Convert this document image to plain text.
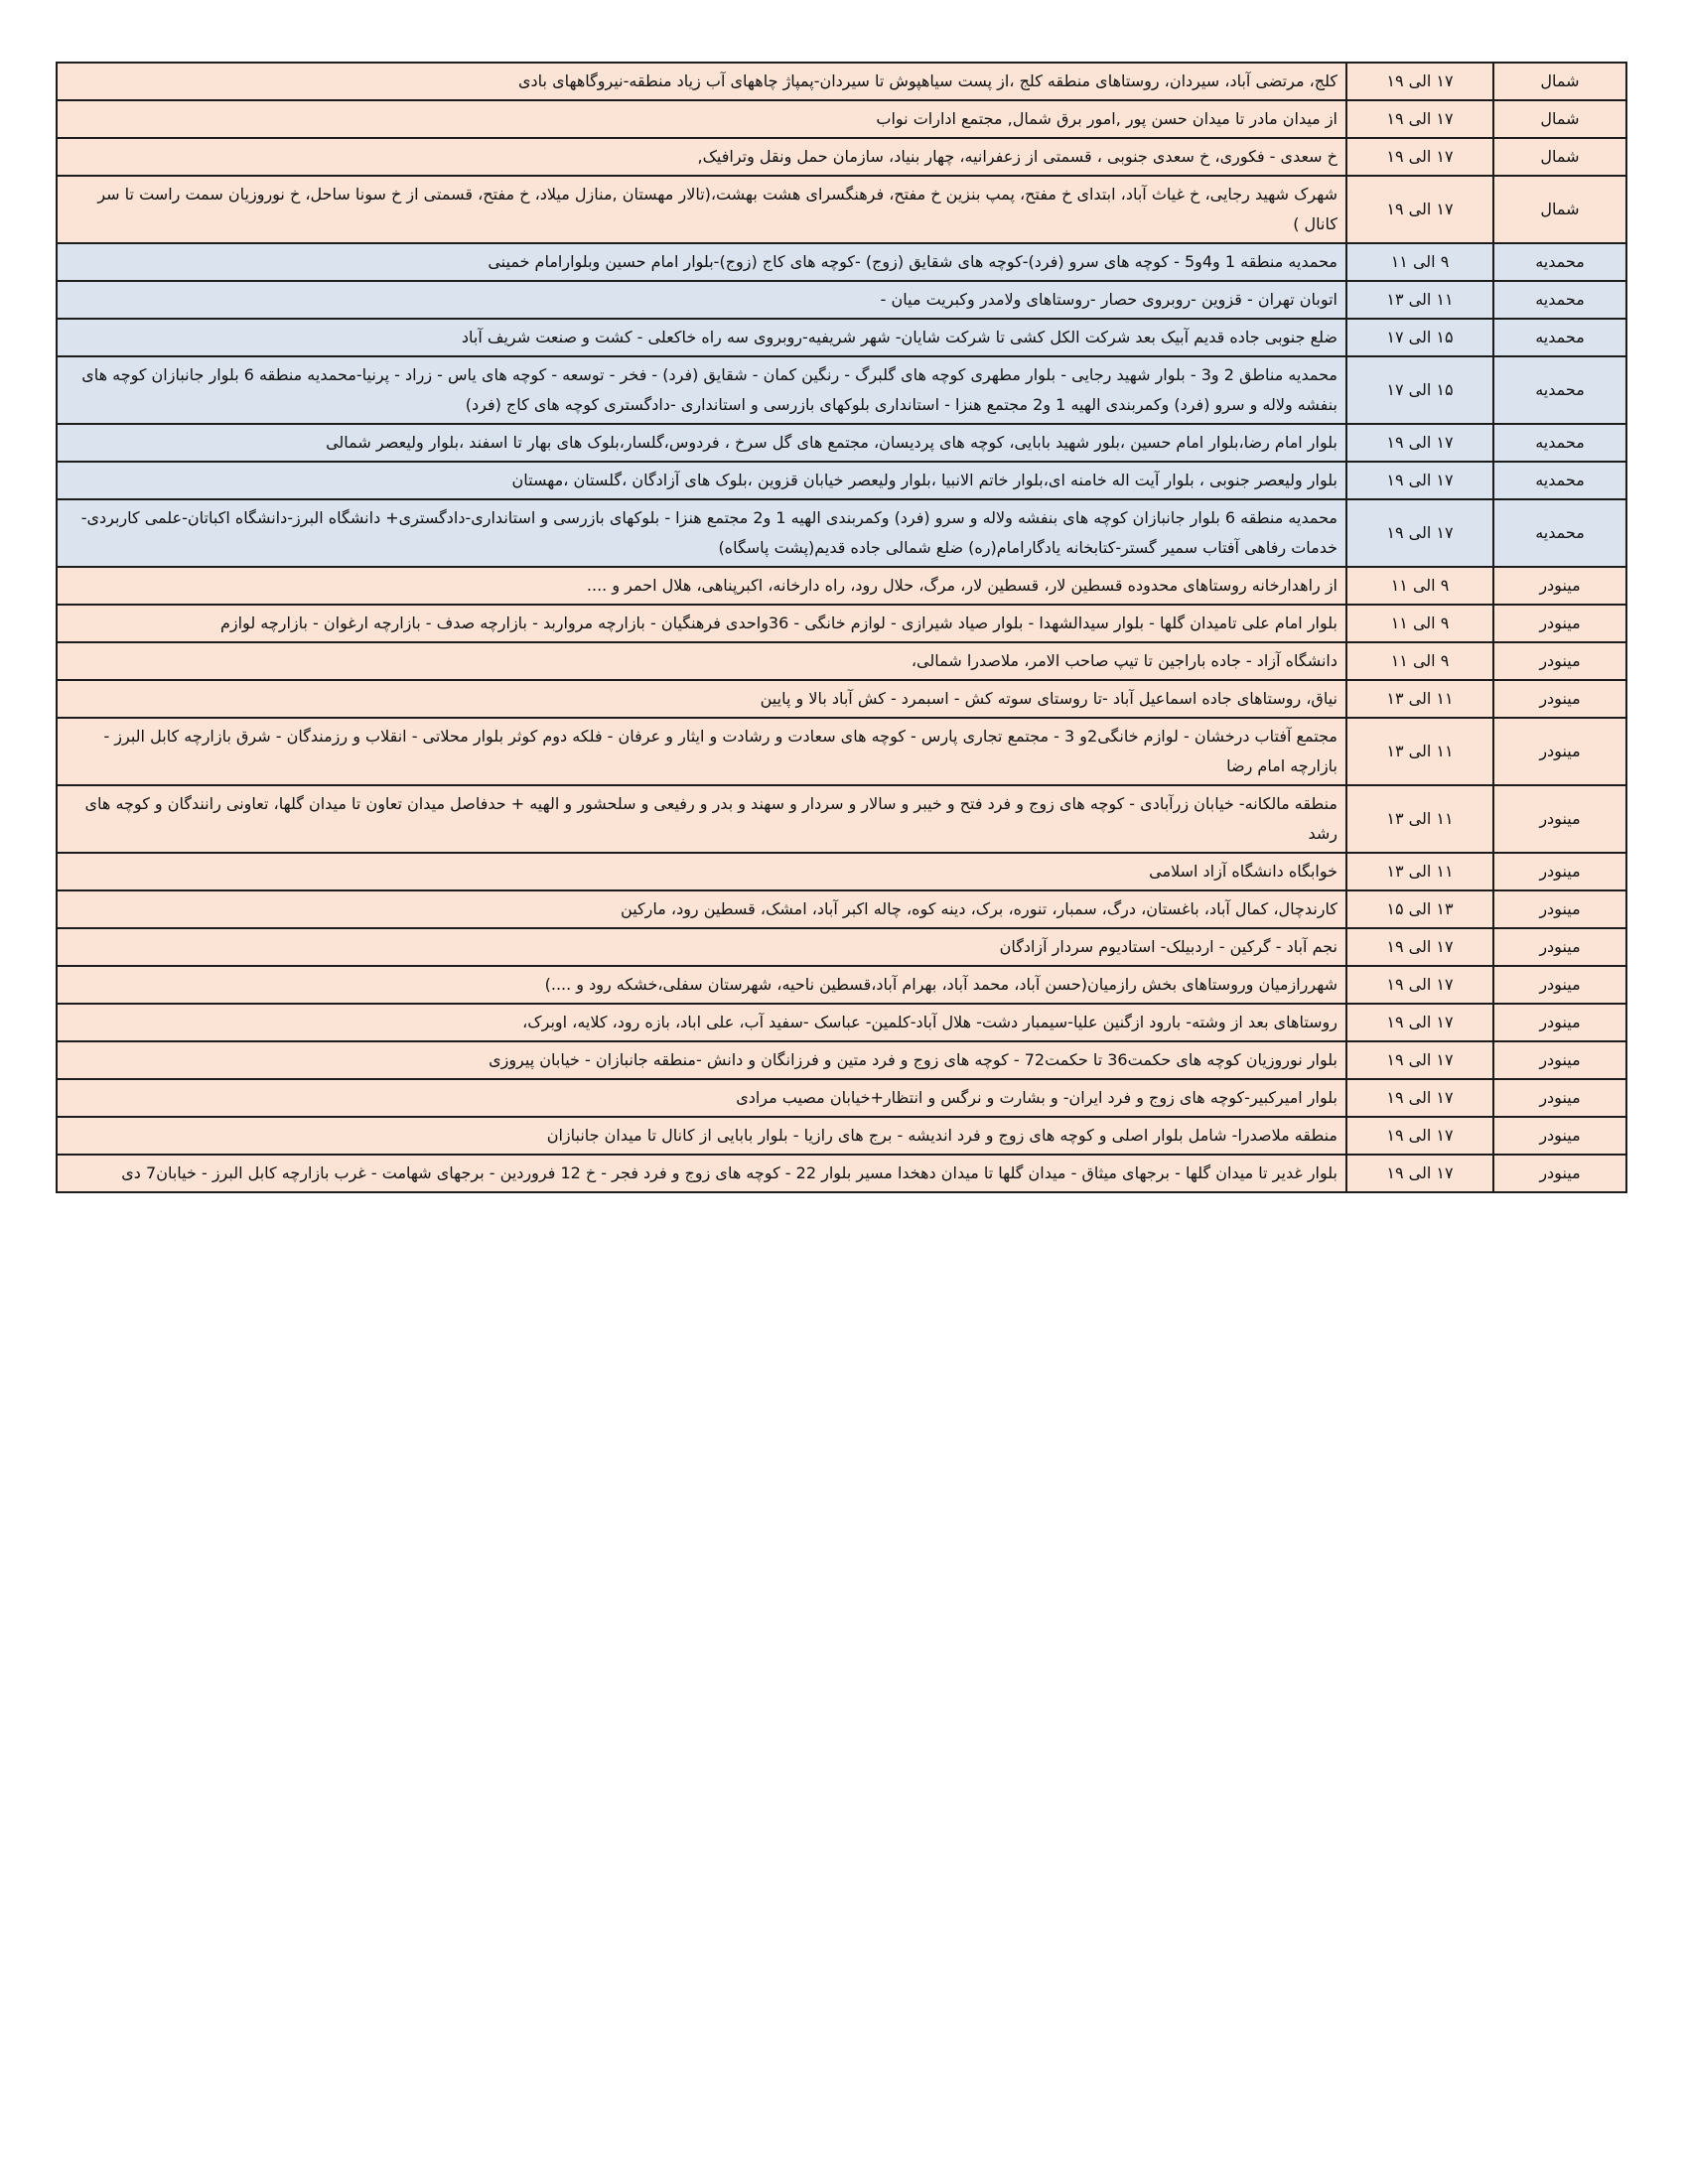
شمال	۱۷ الی ۱۹	کلج، مرتضی آباد، سیردان، روستاهای منطقه کلج ،از پست سیاهپوش تا سیردان-پمپاژ چاههای آب زیاد منطقه-نیروگاههای بادی
شمال	۱۷ الی ۱۹	از میدان مادر تا میدان حسن پور ,امور برق شمال, مجتمع ادارات نواب
شمال	۱۷ الی ۱۹	خ سعدی - فکوری، خ سعدی جنوبی ، قسمتی از زعفرانیه، چهار بنیاد، سازمان حمل ونقل وترافیک,
شمال	۱۷ الی ۱۹	شهرک شهید رجایی، خ غیاث آباد، ابتدای خ مفتح، پمپ بنزین خ مفتح، فرهنگسرای هشت بهشت،(تالار مهستان ,منازل میلاد، خ مفتح، قسمتی از خ سونا ساحل، خ نوروزیان سمت راست تا سر کانال )
محمدیه	۹ الی ۱۱	محمدیه منطقه 1 و4و5 - کوچه های سرو (فرد)-کوچه های شقایق (زوج) -کوچه های کاج (زوج)-بلوار امام حسین وبلوارامام خمینی
محمدیه	۱۱ الی ۱۳	اتوبان تهران - قزوین -روبروی حصار -روستاهای ولامدر وکبریت میان -
محمدیه	۱۵ الی ۱۷	ضلع جنوبی جاده قدیم آبیک بعد شرکت الکل کشی تا شرکت شایان- شهر شریفیه-روبروی سه راه خاکعلی - کشت و صنعت شریف آباد
محمدیه	۱۵ الی ۱۷	محمدیه مناطق 2 و3 - بلوار شهید رجایی - بلوار مطهری کوچه های گلبرگ - رنگین کمان - شقایق (فرد) - فخر - توسعه - کوچه های یاس - زراد - پرنیا-محمدیه منطقه 6 بلوار جانبازان کوچه های بنفشه ولاله و سرو (فرد) وکمربندی الهیه 1 و2 مجتمع هنزا - استانداری بلوکهای بازرسی و استانداری -دادگستری کوچه های کاج (فرد)
محمدیه	۱۷ الی ۱۹	بلوار امام رضا،بلوار امام حسین ،بلور شهید بابایی، کوچه های پردیسان، مجتمع های گل سرخ ، فردوس،گلسار،بلوک های بهار تا اسفند ،بلوار ولیعصر شمالی
محمدیه	۱۷ الی ۱۹	بلوار ولیعصر جنوبی ، بلوار آیت اله خامنه ای،بلوار خاتم الانبیا ،بلوار ولیعصر خیابان قزوین ،بلوک های آزادگان ،گلستان ،مهستان
محمدیه	۱۷ الی ۱۹	محمدیه منطقه 6 بلوار جانبازان کوچه های بنفشه ولاله و سرو (فرد) وکمربندی الهیه 1 و2 مجتمع هنزا - بلوکهای بازرسی و استانداری-دادگستری+ دانشگاه البرز-دانشگاه اکباتان-علمی کاربردی-خدمات رفاهی آفتاب سمیر گستر-کتابخانه یادگارامام(ره) ضلع شمالی جاده قدیم(پشت پاسگاه)
مینودر	۹ الی ۱۱	از راهدارخانه روستاهای محدوده قسطین لار، قسطین لار، مرگ، حلال رود، راه دارخانه، اکبرپناهی، هلال احمر و ....
مینودر	۹ الی ۱۱	بلوار امام علی تامیدان گلها - بلوار سیدالشهدا - بلوار صیاد شیرازی - لوازم خانگی - 36واحدی فرهنگیان - بازارچه مرواربد - بازارچه صدف - بازارچه ارغوان - بازارچه لوازم
مینودر	۹ الی ۱۱	دانشگاه آزاد - جاده باراجین تا تیپ صاحب الامر، ملاصدرا شمالی،
مینودر	۱۱ الی ۱۳	نیاق، روستاهای جاده اسماعیل آباد -تا روستای سوته کش - اسبمرد - کش آباد بالا و پایین
مینودر	۱۱ الی ۱۳	مجتمع آفتاب درخشان - لوازم خانگی2و 3 - مجتمع تجاری پارس - کوچه های سعادت و رشادت و ایثار و عرفان - فلکه دوم کوثر بلوار محلاتی - انقلاب و رزمندگان - شرق بازارچه کابل البرز - بازارچه امام رضا
مینودر	۱۱ الی ۱۳	منطقه مالکانه- خیابان زرآبادی - کوچه های زوج و فرد فتح و خیبر و سالار و سردار و سهند و بدر و رفیعی و سلحشور و الهیه + حدفاصل میدان تعاون تا میدان گلها، تعاونی رانندگان و کوچه های رشد
مینودر	۱۱ الی ۱۳	خوابگاه دانشگاه آزاد اسلامی
مینودر	۱۳ الی ۱۵	کارندچال، کمال آباد، باغستان، درگ، سمبار، تنوره، برک، دینه کوه، چاله اکبر آباد، امشک، قسطین رود، مارکین
مینودر	۱۷ الی ۱۹	نجم آباد - گرکین - اردبیلک- استادیوم سردار آزادگان
مینودر	۱۷ الی ۱۹	شهررازمیان وروستاهای بخش رازمیان(حسن آباد، محمد آباد، بهرام آباد،قسطین ناحیه، شهرستان سفلی،خشکه رود و ....)
مینودر	۱۷ الی ۱۹	روستاهای بعد از وشته- بارود ازگنین علیا-سیمبار دشت- هلال آباد-کلمین- عباسک -سفید آب، علی اباد، بازه رود، کلایه، اوبرک،
مینودر	۱۷ الی ۱۹	بلوار نوروزیان کوچه های حکمت36 تا حکمت72 - کوچه های زوج و فرد متین و فرزانگان و دانش -منطقه جانبازان - خیابان پیروزی
مینودر	۱۷ الی ۱۹	بلوار امیرکبیر-کوچه های زوج و فرد ایران- و بشارت و نرگس و انتظار+خیابان مصیب مرادی
مینودر	۱۷ الی ۱۹	منطقه ملاصدرا- شامل بلوار اصلی و کوچه های زوج و فرد اندیشه - برج های رازیا - بلوار بابایی از کانال تا میدان جانبازان
مینودر	۱۷ الی ۱۹	بلوار غدیر تا میدان گلها - برجهای میثاق - میدان گلها تا میدان دهخدا مسیر بلوار 22 - کوچه های زوج و فرد فجر - خ 12 فروردین - برجهای شهامت - غرب بازارچه کابل البرز - خیابان7 دی
